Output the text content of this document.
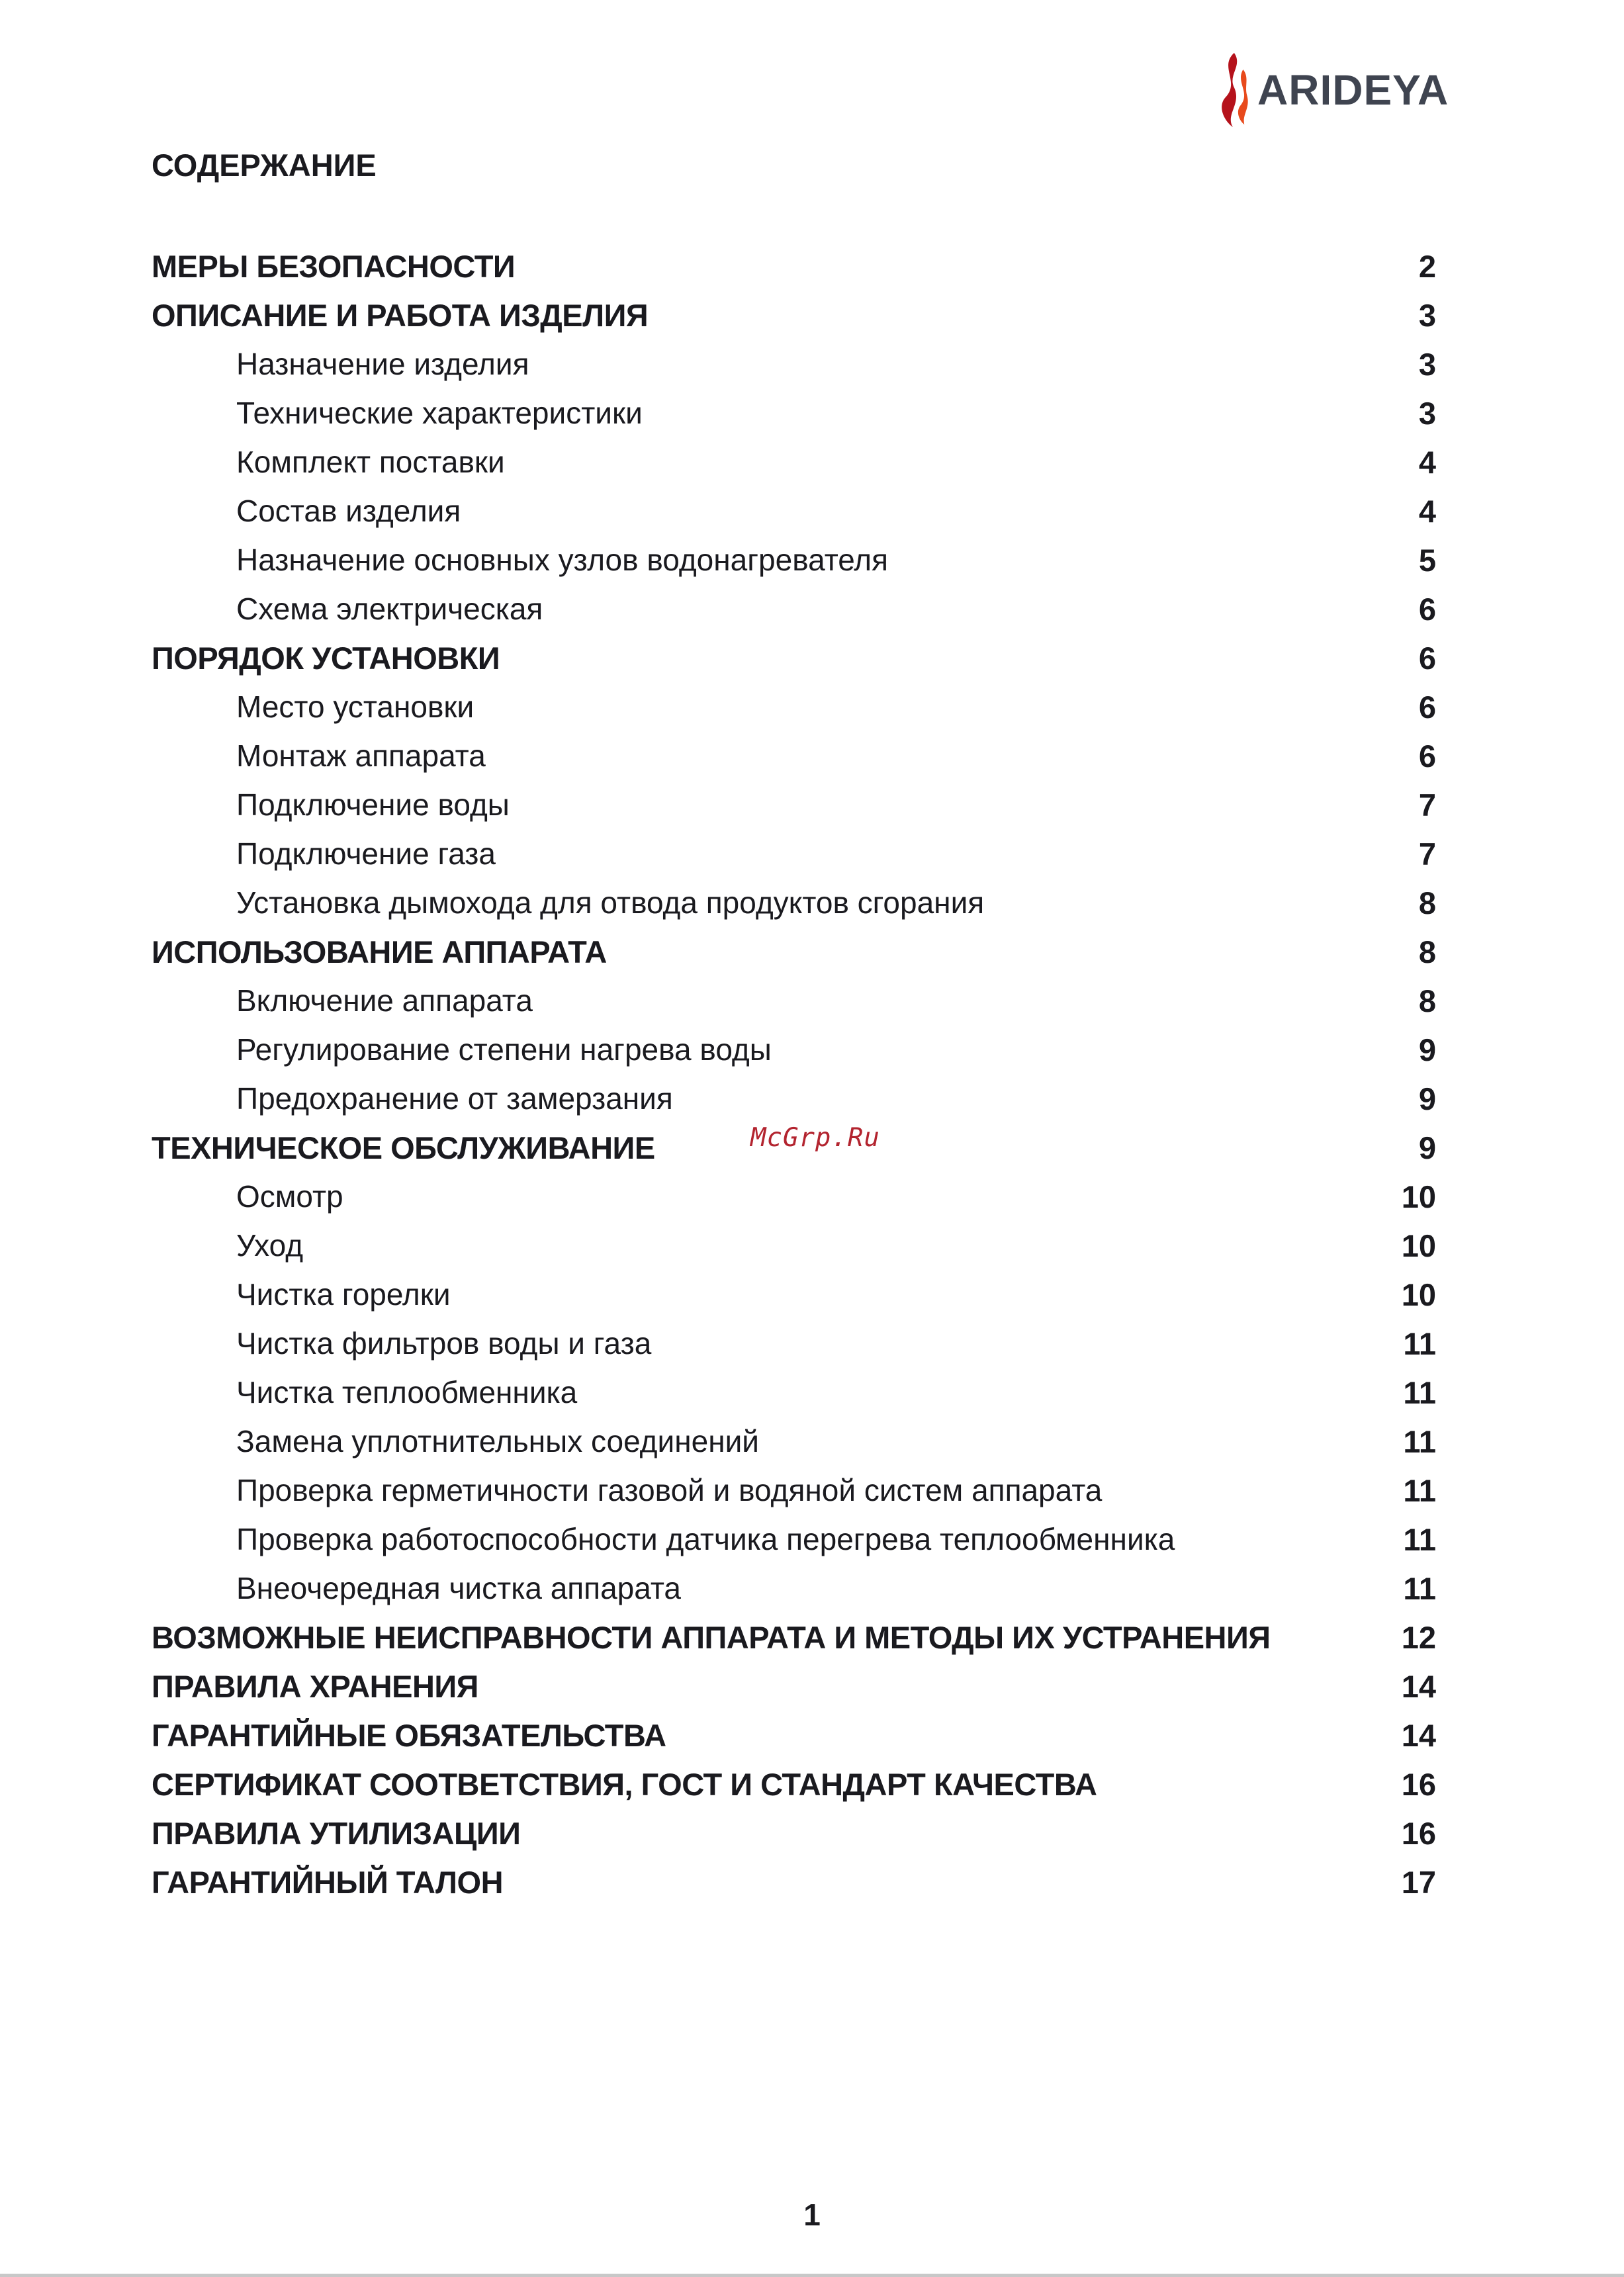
ARIDEYA
СОДЕРЖАНИЕ
МЕРЫ БЕЗОПАСНОСТИ	2
ОПИСАНИЕ И РАБОТА ИЗДЕЛИЯ	3
Назначение изделия	3
Технические характеристики	3
Комплект поставки	4
Состав изделия	4
Назначение основных узлов водонагревателя	5
Схема электрическая	6
ПОРЯДОК УСТАНОВКИ	6
Место установки	6
Монтаж аппарата	6
Подключение воды	7
Подключение газа	7
Установка дымохода для отвода продуктов сгорания	8
ИСПОЛЬЗОВАНИЕ АППАРАТА	8
Включение аппарата	8
Регулирование степени нагрева воды	9
Предохранение от замерзания	9
ТЕХНИЧЕСКОЕ ОБСЛУЖИВАНИЕ	9
Осмотр	10
Уход	10
Чистка горелки	10
Чистка фильтров воды и газа	11
Чистка теплообменника	11
Замена уплотнительных соединений	11
Проверка герметичности газовой и водяной систем аппарата	11
Проверка работоспособности датчика перегрева теплообменника	11
Внеочередная чистка аппарата	11
ВОЗМОЖНЫЕ НЕИСПРАВНОСТИ АППАРАТА И МЕТОДЫ ИХ УСТРАНЕНИЯ	12
ПРАВИЛА ХРАНЕНИЯ	14
ГАРАНТИЙНЫЕ ОБЯЗАТЕЛЬСТВА	14
СЕРТИФИКАТ СООТВЕТСТВИЯ, ГОСТ И СТАНДАРТ КАЧЕСТВА	16
ПРАВИЛА УТИЛИЗАЦИИ	16
ГАРАНТИЙНЫЙ ТАЛОН	17
McGrp.Ru
1
